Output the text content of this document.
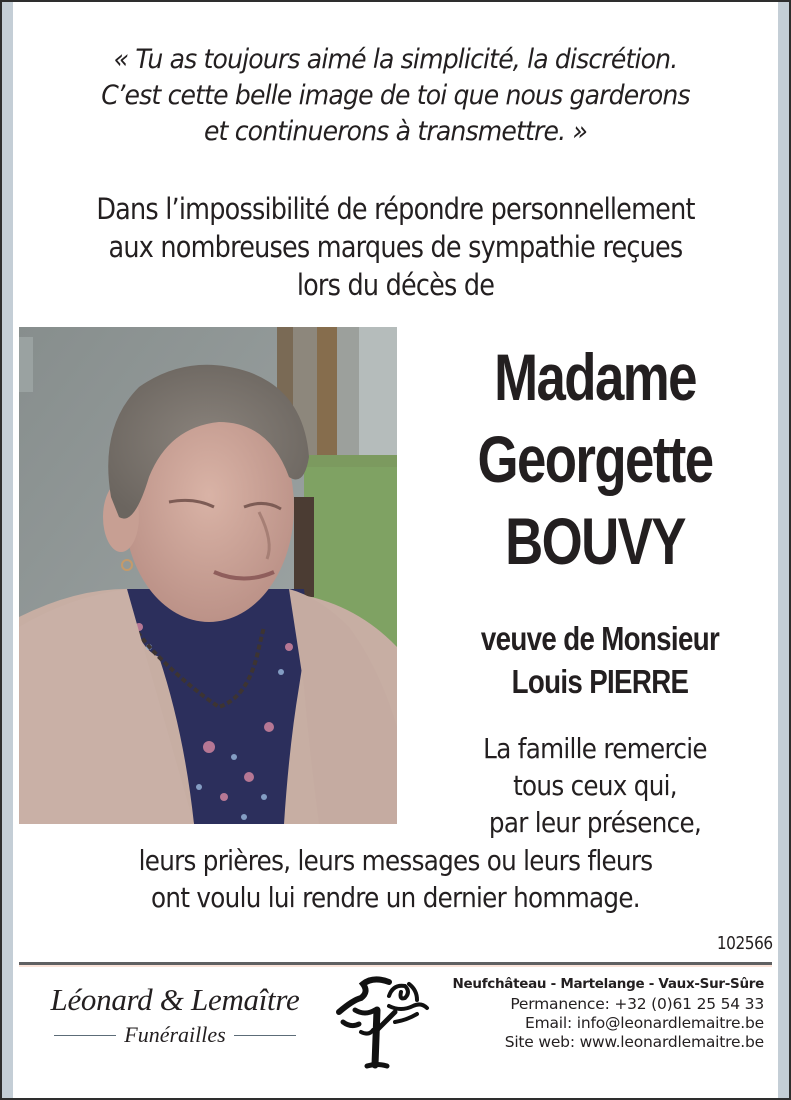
« Tu as toujours aimé la simplicité, la discrétion.
C’est cette belle image de toi que nous garderons
et continuerons à transmettre. »
Dans l’impossibilité de répondre personnellement
aux nombreuses marques de sympathie reçues
lors du décès de
Madame
Georgette
BOUVY
veuve de Monsieur
Louis PIERRE
La famille remercie
tous ceux qui,
par leur présence,
leurs prières, leurs messages ou leurs fleurs
ont voulu lui rendre un dernier hommage.
102566
Léonard & Lemaître
Funérailles
Neufchâteau - Martelange - Vaux-Sur-Sûre
Permanence: +32 (0)61 25 54 33
Email: info@leonardlemaitre.be
Site web: www.leonardlemaitre.be
